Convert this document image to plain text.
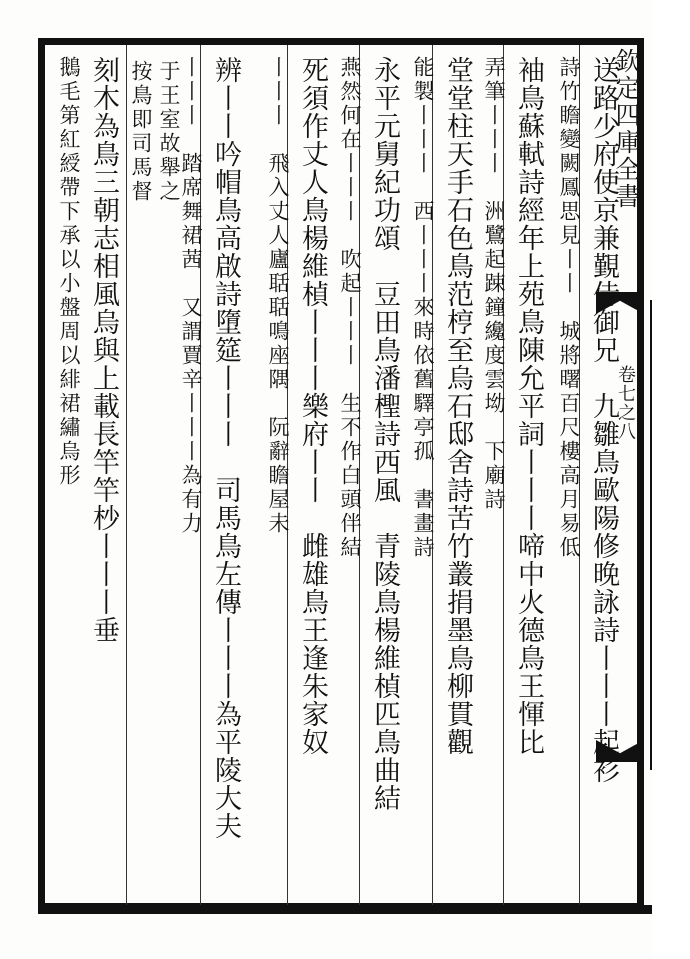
欽定四庫全書
卷七之八
送路少府使京兼覲侍御兄　九雛鳥歐陽修晚詠詩丨丨丨起衫
詩竹瞻變闕鳳思見丨丨　城將曙百尺樓高月易低
袖鳥蘇軾詩經年上苑鳥陳允平詞丨丨丨啼中火德鳥王惲比
弄筆丨丨丨　洲鷺起踈鐘纔度雲坳　下廟詩
堂堂柱天手石色鳥范梈至烏石邸舍詩苦竹叢捐墨鳥柳貫觀
能製丨丨丨　西丨丨丨來時依舊驛亭孤　書畫詩
永平元舅紀功頌　豆田鳥潘檉詩西風　青陵鳥楊維楨匹鳥曲結
燕然何在丨丨丨　吹起丨丨丨　生不作白頭伴結
死須作丈人鳥楊維楨丨丨丨樂府丨丨　雌雄鳥王逢朱家奴
丨丨丨　飛入丈人廬聒聒鳴座隅　阮辭瞻屋未
辨丨丨吟帽鳥高啟詩墮筵丨丨丨　司馬鳥左傳丨丨丨為平陵大夫
丨丨丨　踏席舞裙茜　又謂賈辛丨丨丨為有力
于王室故舉之
按鳥即司馬督
刻木為鳥三朝志相風烏與上載長竿竿杪丨丨丨垂
鵝毛第紅綬帶下承以小盤周以緋裙繡烏形
